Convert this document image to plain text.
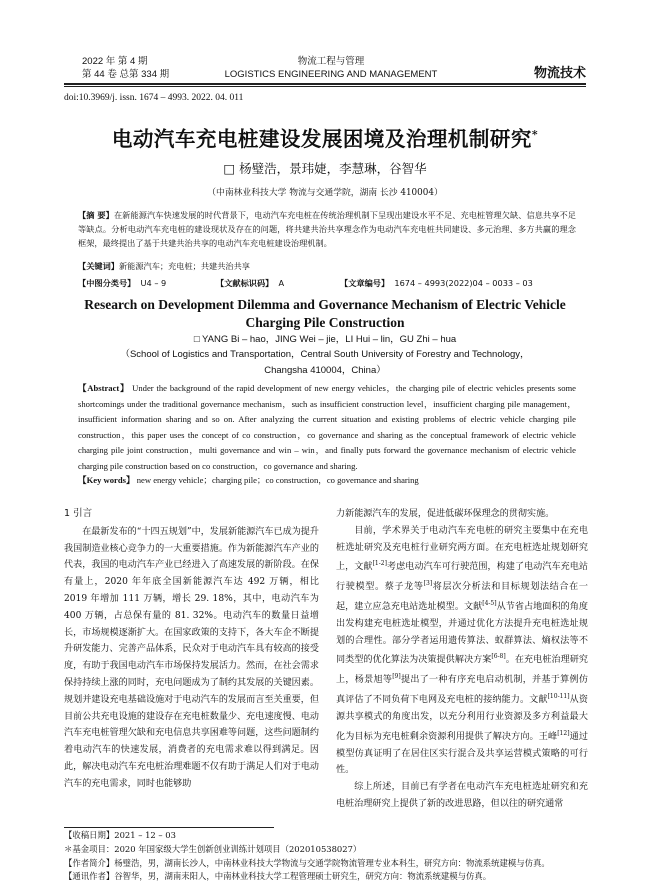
2022 年 第 4 期
第 44 卷 总第 334 期
物流工程与管理
LOGISTICS ENGINEERING AND MANAGEMENT	物流技术
doi:10.3969/j. issn. 1674 – 4993. 2022. 04. 011
电动汽车充电桩建设发展困境及治理机制研究*
□ 杨璧浩，景玮婕，李慧琳，谷智华
（中南林业科技大学 物流与交通学院，湖南 长沙 410004）
【摘 要】在新能源汽车快速发展的时代背景下，电动汽车充电桩在传统治理机制下呈现出建设水平不足、充电桩管理欠缺、信息共享不足等缺点。分析电动汽车充电桩的建设现状及存在的问题，将共建共治共享理念作为电动汽车充电桩共同建设、多元治理、多方共赢的理念框架，最终提出了基于共建共治共享的电动汽车充电桩建设治理机制。
【关键词】新能源汽车；充电桩；共建共治共享
【中图分类号】 U4 – 9	【文献标识码】 A	【文章编号】 1674 – 4993(2022)04 – 0033 – 03
Research on Development Dilemma and Governance Mechanism of Electric Vehicle Charging Pile Construction
□ YANG Bi – hao，JING Wei – jie，LI Hui – lin，GU Zhi – hua
（School of Logistics and Transportation，Central South University of Forestry and Technology，
Changsha 410004，China）
【Abstract】 Under the background of the rapid development of new energy vehicles，the charging pile of electric vehicles presents some shortcomings under the traditional governance mechanism，such as insufficient construction level，insufficient charging pile management，insufficient information sharing and so on. After analyzing the current situation and existing problems of electric vehicle charging pile construction，this paper uses the concept of co construction，co governance and sharing as the conceptual framework of electric vehicle charging pile joint construction，multi governance and win – win，and finally puts forward the governance mechanism of electric vehicle charging pile construction based on co construction，co governance and sharing.
【Key words】 new energy vehicle；charging pile；co construction，co governance and sharing
1 引言

在最新发布的“十四五规划”中，发展新能源汽车已成为提升我国制造业核心竞争力的一大重要措施。作为新能源汽车产业的代表，我国的电动汽车产业已经进入了高速发展的新阶段。在保有量上，2020 年年底全国新能源汽车达 492 万辆，相比 2019 年增加 111 万辆，增长 29. 18%，其中，电动汽车为 400 万辆，占总保有量的 81. 32%。电动汽车的数量日益增长，市场规模逐渐扩大。在国家政策的支持下，各大车企不断提升研发能力、完善产品体系，民众对于电动汽车具有较高的接受度，有助于我国电动汽车市场保持发展活力。然而，在社会需求保持持续上涨的同时，充电问题成为了制约其发展的关键因素。规划并建设充电基础设施对于电动汽车的发展而言至关重要，但目前公共充电设施的建设存在充电桩数量少、充电速度慢、电动汽车充电桩管理欠缺和充电信息共享困难等问题，这些问题制约着电动汽车的快速发展，消费者的充电需求难以得到满足。因此，解决电动汽车充电桩治理难题不仅有助于满足人们对于电动汽车的充电需求，同时也能够助

力新能源汽车的发展，促进低碳环保理念的贯彻实施。

目前，学术界关于电动汽车充电桩的研究主要集中在充电桩选址研究及充电桩行业研究两方面。在充电桩选址规划研究上，文献[1-2]考虑电动汽车可行驶范围，构建了电动汽车充电站行驶模型。蔡子龙等[3]将层次分析法和目标规划法结合在一起，建立应急充电站选址模型。文献[4-5]从节省占地面积的角度出发构建充电桩选址模型，并通过优化方法提升充电桩选址规划的合理性。部分学者运用遗传算法、蚁群算法、熵权法等不同类型的优化算法为决策提供解决方案[6-8]。在充电桩治理研究上，杨景旭等[9]提出了一种有序充电启动机制，并基于算例仿真评估了不同负荷下电网及充电桩的接纳能力。文献[10-11]从资源共享模式的角度出发，以充分利用行业资源及多方利益最大化为目标为充电桩剩余资源利用提供了解决方向。王峰[12]通过模型仿真证明了在居住区实行混合及共享运营模式策略的可行性。

综上所述，目前已有学者在电动汽车充电桩选址研究和充电桩治理研究上提供了新的改进思路，但以往的研究通常

【收稿日期】2021 – 12 – 03
＊基金项目：2020 年国家级大学生创新创业训练计划项目（202010538027）
【作者简介】杨璧浩，男，湖南长沙人，中南林业科技大学物流与交通学院物流管理专业本科生，研究方向：物流系统建模与仿真。
【通讯作者】谷智华，男，湖南耒阳人，中南林业科技大学工程管理硕士研究生，研究方向：物流系统建模与仿真。
